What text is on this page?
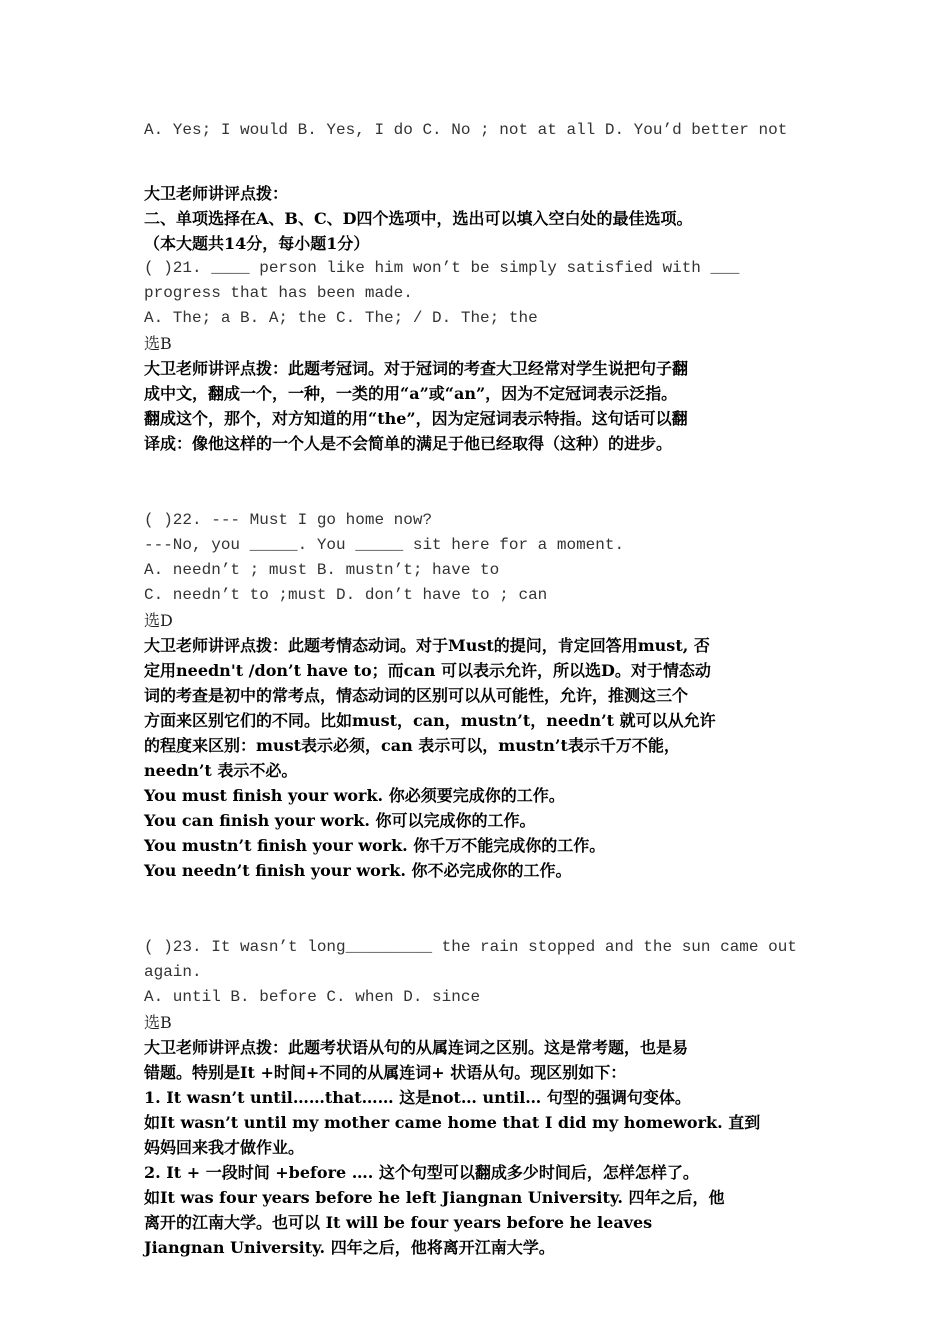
A. Yes; I would B. Yes, I do C. No ; not at all D. You’d better not
大卫老师讲评点拨：
二、单项选择在A、B、C、D四个选项中，选出可以填入空白处的最佳选项。
（本大题共14分，每小题1分）
( )21. ____ person like him won’t be simply satisfied with ___
progress that has been made.
A. The; a B. A; the C. The; / D. The; the
选B
大卫老师讲评点拨：此题考冠词。对于冠词的考查大卫经常对学生说把句子翻
成中文，翻成一个，一种，一类的用“a”或“an”，因为不定冠词表示泛指。
翻成这个，那个，对方知道的用“the”，因为定冠词表示特指。这句话可以翻
译成：像他这样的一个人是不会简单的满足于他已经取得（这种）的进步。
( )22. --- Must I go home now?
---No, you _____. You _____ sit here for a moment.
A. needn’t ; must B. mustn’t; have to
C. needn’t to ;must D. don’t have to ; can
选D
大卫老师讲评点拨：此题考情态动词。对于Must的提问，肯定回答用must, 否
定用needn't /don’t have to；而can 可以表示允许，所以选D。对于情态动
词的考查是初中的常考点，情态动词的区别可以从可能性，允许，推测这三个
方面来区别它们的不同。比如must，can，mustn’t，needn’t 就可以从允许
的程度来区别：must表示必须，can 表示可以，mustn’t表示千万不能，
needn’t 表示不必。
You must finish your work. 你必须要完成你的工作。
You can finish your work. 你可以完成你的工作。
You mustn’t finish your work. 你千万不能完成你的工作。
You needn’t finish your work. 你不必完成你的工作。
( )23. It wasn’t long_________ the rain stopped and the sun came out
again.
A. until B. before C. when D. since
选B
大卫老师讲评点拨：此题考状语从句的从属连词之区别。这是常考题，也是易
错题。特别是It +时间+不同的从属连词+ 状语从句。现区别如下：
1. It wasn’t until……that…… 这是not… until… 句型的强调句变体。
如It wasn’t until my mother came home that I did my homework. 直到
妈妈回来我才做作业。
2. It + 一段时间 +before …. 这个句型可以翻成多少时间后，怎样怎样了。
如It was four years before he left Jiangnan University. 四年之后，他
离开的江南大学。也可以 It will be four years before he leaves
Jiangnan University. 四年之后，他将离开江南大学。
